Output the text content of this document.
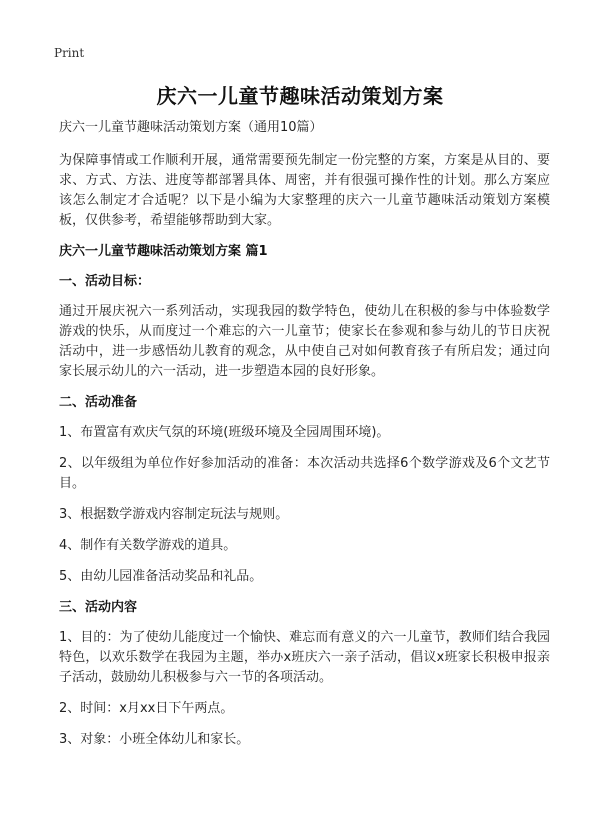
Print
庆六一儿童节趣味活动策划方案

庆六一儿童节趣味活动策划方案（通用10篇）

为保障事情或工作顺利开展，通常需要预先制定一份完整的方案，方案是从目的、要求、方式、方法、进度等都部署具体、周密，并有很强可操作性的计划。那么方案应该怎么制定才合适呢？以下是小编为大家整理的庆六一儿童节趣味活动策划方案模板，仅供参考，希望能够帮助到大家。

庆六一儿童节趣味活动策划方案 篇1

一、活动目标：

通过开展庆祝六一系列活动，实现我园的数学特色，使幼儿在积极的参与中体验数学游戏的快乐，从而度过一个难忘的六一儿童节；使家长在参观和参与幼儿的节日庆祝活动中，进一步感悟幼儿教育的观念，从中使自己对如何教育孩子有所启发；通过向家长展示幼儿的六一活动，进一步塑造本园的良好形象。

二、活动准备

1、布置富有欢庆气氛的环境(班级环境及全园周围环境)。

2、以年级组为单位作好参加活动的准备：本次活动共选择6个数学游戏及6个文艺节目。

3、根据数学游戏内容制定玩法与规则。

4、制作有关数学游戏的道具。

5、由幼儿园准备活动奖品和礼品。

三、活动内容

1、目的：为了使幼儿能度过一个愉快、难忘而有意义的六一儿童节，教师们结合我园特色，以欢乐数学在我园为主题，举办x班庆六一亲子活动，倡议x班家长积极申报亲子活动，鼓励幼儿积极参与六一节的各项活动。

2、时间：x月xx日下午两点。

3、对象：小班全体幼儿和家长。
